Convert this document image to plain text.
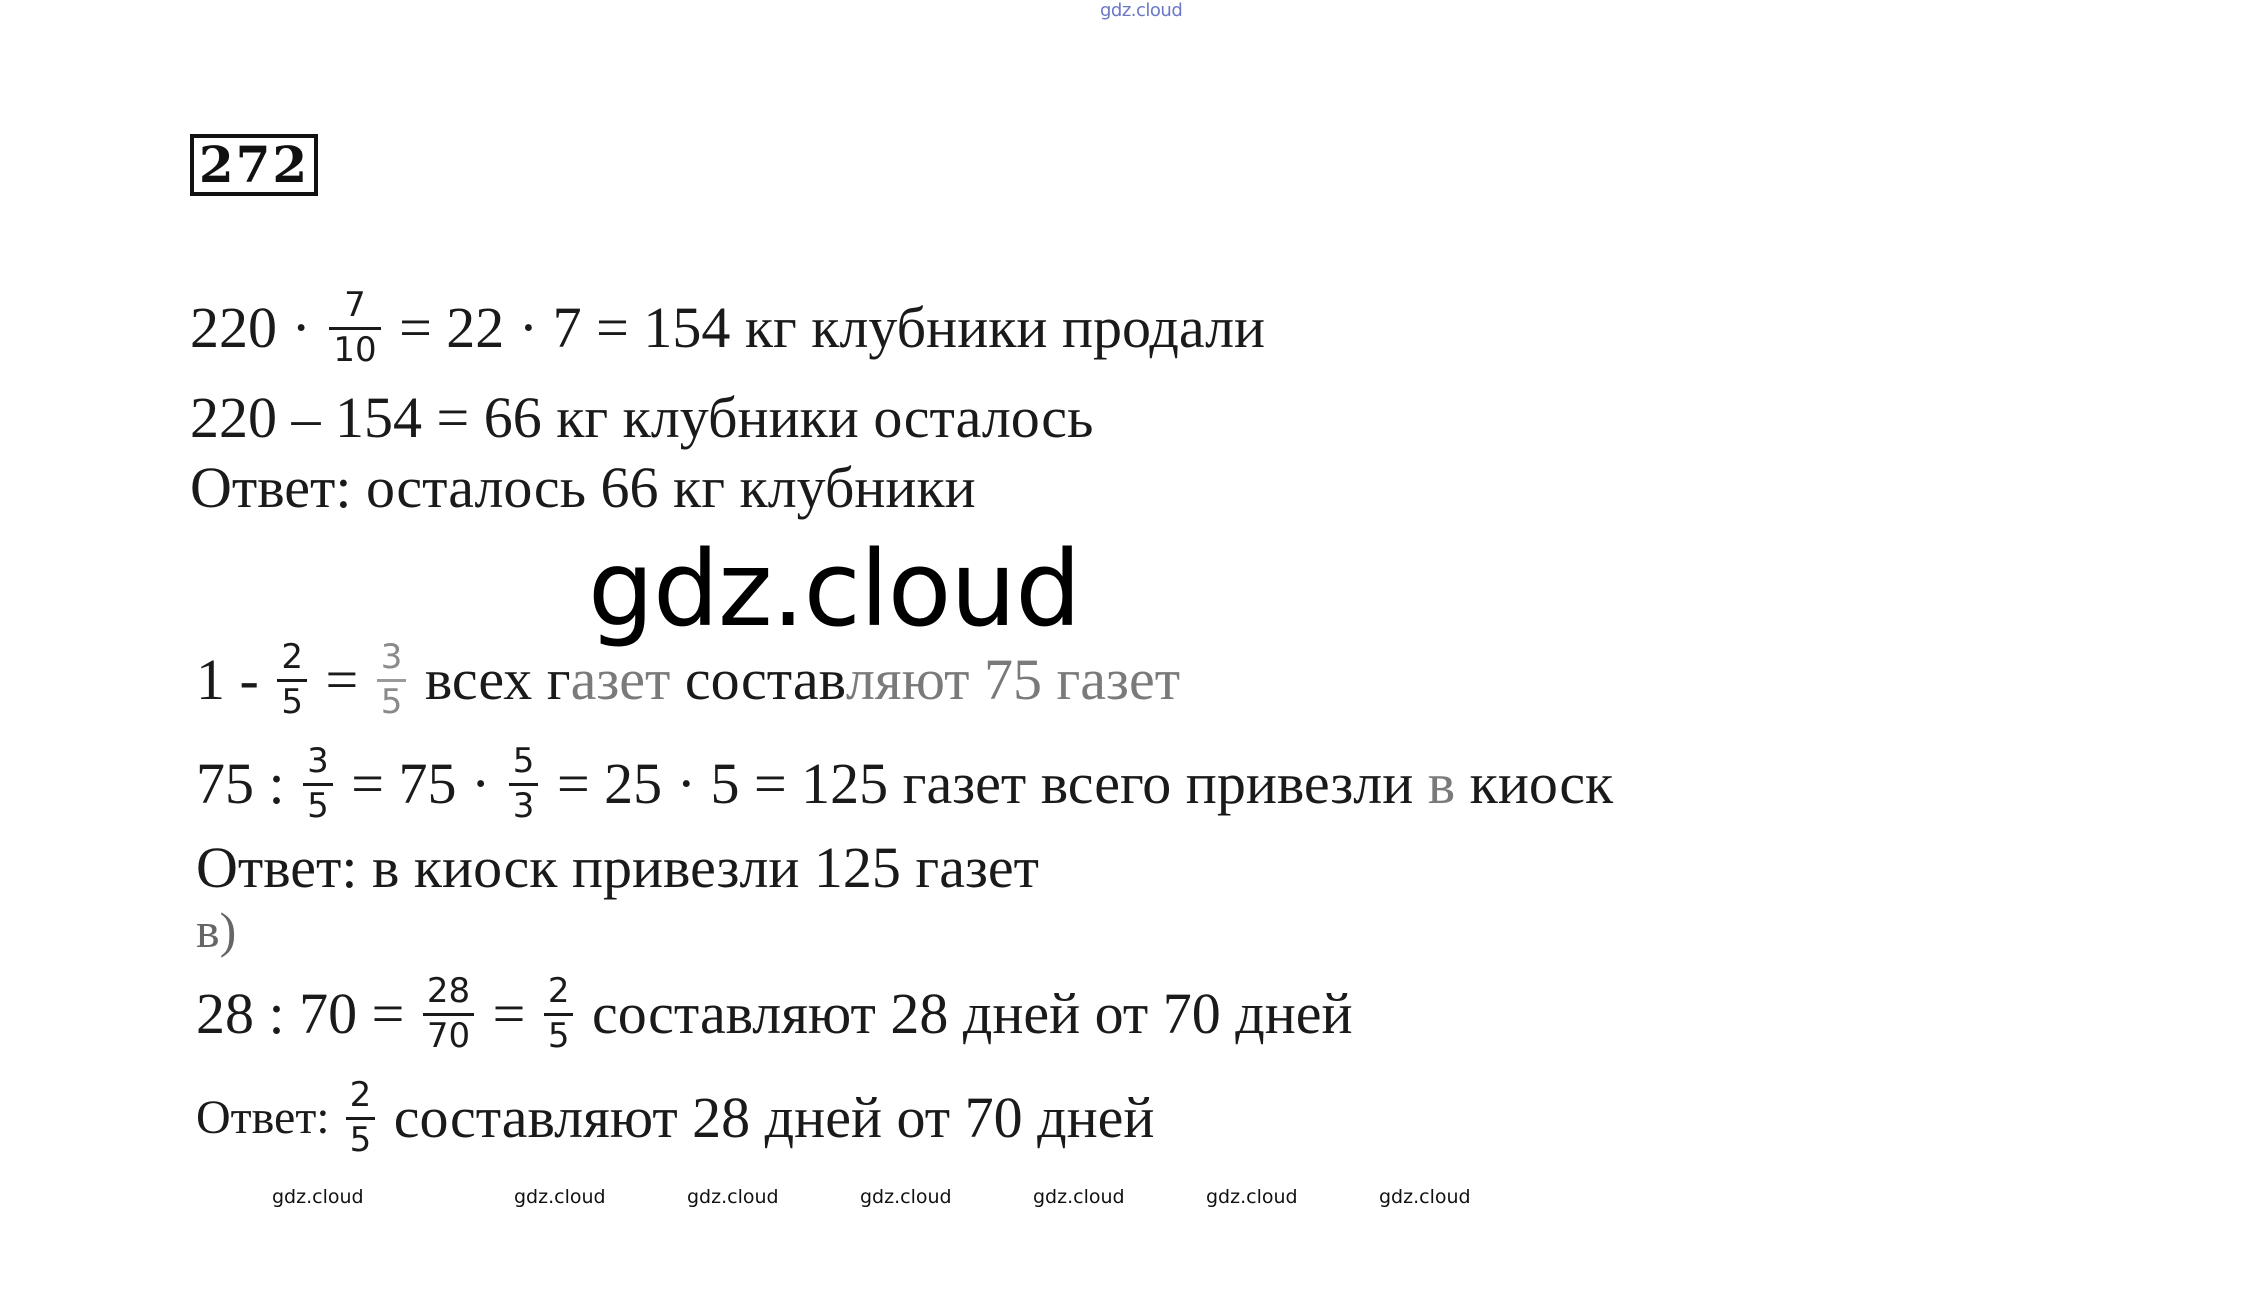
gdz.cloud
272
$220 \cdot \frac{7}{10} = 22 \cdot 7 = 154$ кг клубники продали
220 – 154 = 66 кг клубники осталось
Ответ: осталось 66 кг клубники
gdz.cloud
$1 - \frac{2}{5} = \frac{3}{5}$ всех г азет состав ляют 7 5 газет
75 : $\frac{3}{5} = 75 \cdot \frac{5}{3} = 25 \cdot 5 = 125$ газет всего привезли в киоск
Ответ: в киоск привезли 125 газет
в)
28 : $70 = \frac{28}{70} = \frac{2}{5}$ составляют 28 дней от 70 дней
Ответ: $\frac{2}{5}$ составляют 28 дней от 70 дней
gdz.cloud	gdz.cloud	gdz.cloud	gdz.cloud	gdz.cloud	gdz.cloud	gdz.cloud
